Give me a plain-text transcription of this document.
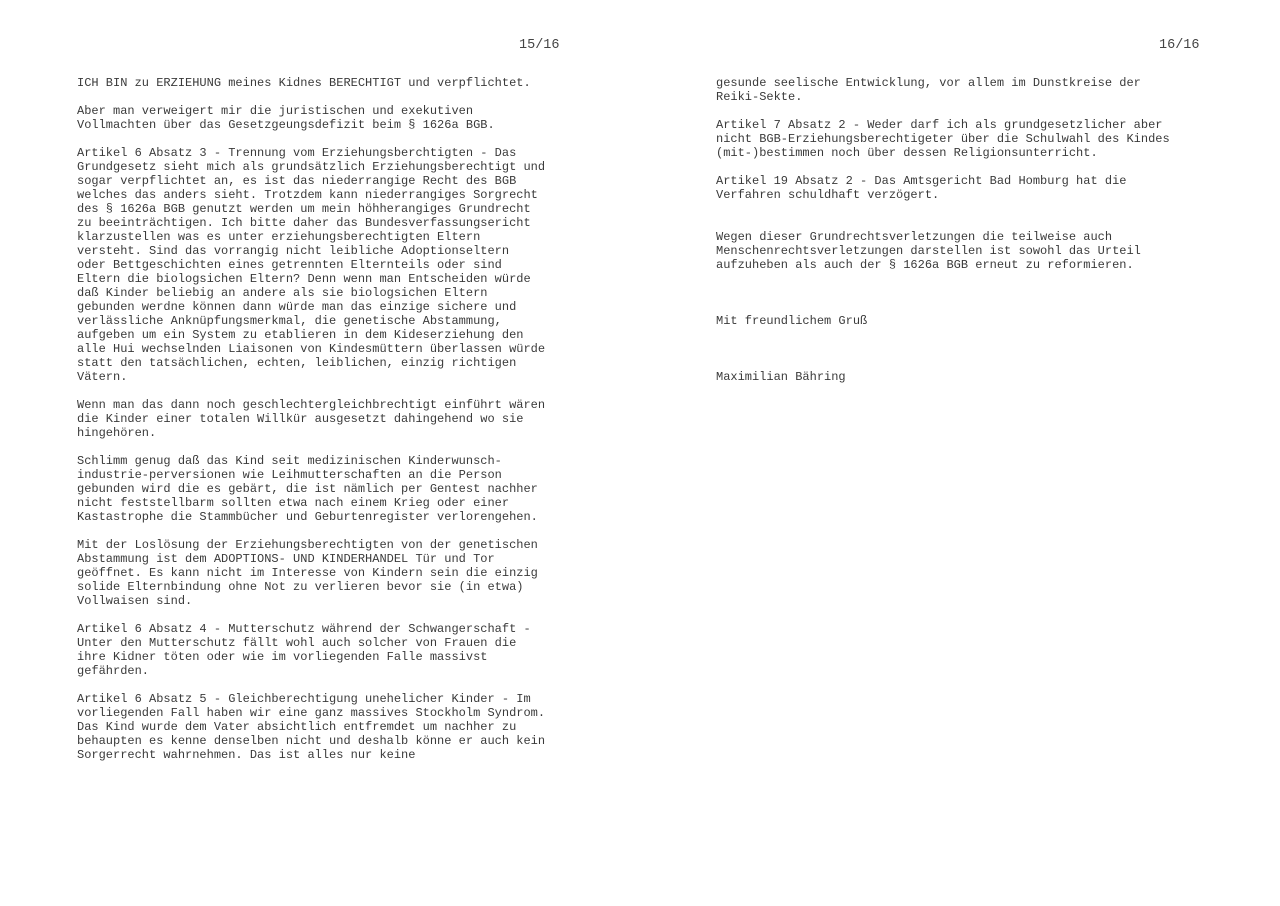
15/16	16/16
ICH BIN zu ERZIEHUNG meines Kidnes BERECHTIGT und verpflichtet.
Aber man verweigert mir die juristischen und exekutiven
Vollmachten über das Gesetzgeungsdefizit beim § 1626a BGB.
Artikel 6 Absatz 3 - Trennung vom Erziehungsberchtigten - Das
Grundgesetz sieht mich als grundsätzlich Erziehungsberechtigt und
sogar verpflichtet an, es ist das niederrangige Recht des BGB
welches das anders sieht. Trotzdem kann niederrangiges Sorgrecht
des § 1626a BGB genutzt werden um mein höhherangiges Grundrecht
zu beeinträchtigen. Ich bitte daher das Bundesverfassungsericht
klarzustellen was es unter erziehungsberechtigten Eltern
versteht. Sind das vorrangig nicht leibliche Adoptionseltern
oder Bettgeschichten eines getrennten Elternteils oder sind
Eltern die biologsichen Eltern? Denn wenn man Entscheiden würde
daß Kinder beliebig an andere als sie biologsichen Eltern
gebunden werdne können dann würde man das einzige sichere und
verlässliche Anknüpfungsmerkmal, die genetische Abstammung,
aufgeben um ein System zu etablieren in dem Kideserziehung den
alle Hui wechselnden Liaisonen von Kindesmüttern überlassen würde
statt den tatsächlichen, echten, leiblichen, einzig richtigen
Vätern.
Wenn man das dann noch geschlechtergleichbrechtigt einführt wären
die Kinder einer totalen Willkür ausgesetzt dahingehend wo sie
hingehören.
Schlimm genug daß das Kind seit medizinischen Kinderwunsch-
industrie-perversionen wie Leihmutterschaften an die Person
gebunden wird die es gebärt, die ist nämlich per Gentest nachher
nicht feststellbarm sollten etwa nach einem Krieg oder einer
Kastastrophe die Stammbücher und Geburtenregister verlorengehen.
Mit der Loslösung der Erziehungsberechtigten von der genetischen
Abstammung ist dem ADOPTIONS- UND KINDERHANDEL Tür und Tor
geöffnet. Es kann nicht im Interesse von Kindern sein die einzig
solide Elternbindung ohne Not zu verlieren bevor sie (in etwa)
Vollwaisen sind.
Artikel 6 Absatz 4 - Mutterschutz während der Schwangerschaft -
Unter den Mutterschutz fällt wohl auch solcher von Frauen die
ihre Kidner töten oder wie im vorliegenden Falle massivst
gefährden.
Artikel 6 Absatz 5 - Gleichberechtigung unehelicher Kinder - Im
vorliegenden Fall haben wir eine ganz massives Stockholm Syndrom.
Das Kind wurde dem Vater absichtlich entfremdet um nachher zu
behaupten es kenne denselben nicht und deshalb könne er auch kein
Sorgerrecht wahrnehmen. Das ist alles nur keine
gesunde seelische Entwicklung, vor allem im Dunstkreise der
Reiki-Sekte.
Artikel 7 Absatz 2 - Weder darf ich als grundgesetzlicher aber
nicht BGB-Erziehungsberechtigeter über die Schulwahl des Kindes
(mit-)bestimmen noch über dessen Religionsunterricht.
Artikel 19 Absatz 2 - Das Amtsgericht Bad Homburg hat die
Verfahren schuldhaft verzögert.
Wegen dieser Grundrechtsverletzungen die teilweise auch
Menschenrechtsverletzungen darstellen ist sowohl das Urteil
aufzuheben als auch der § 1626a BGB erneut zu reformieren.
Mit freundlichem Gruß
Maximilian Bähring
